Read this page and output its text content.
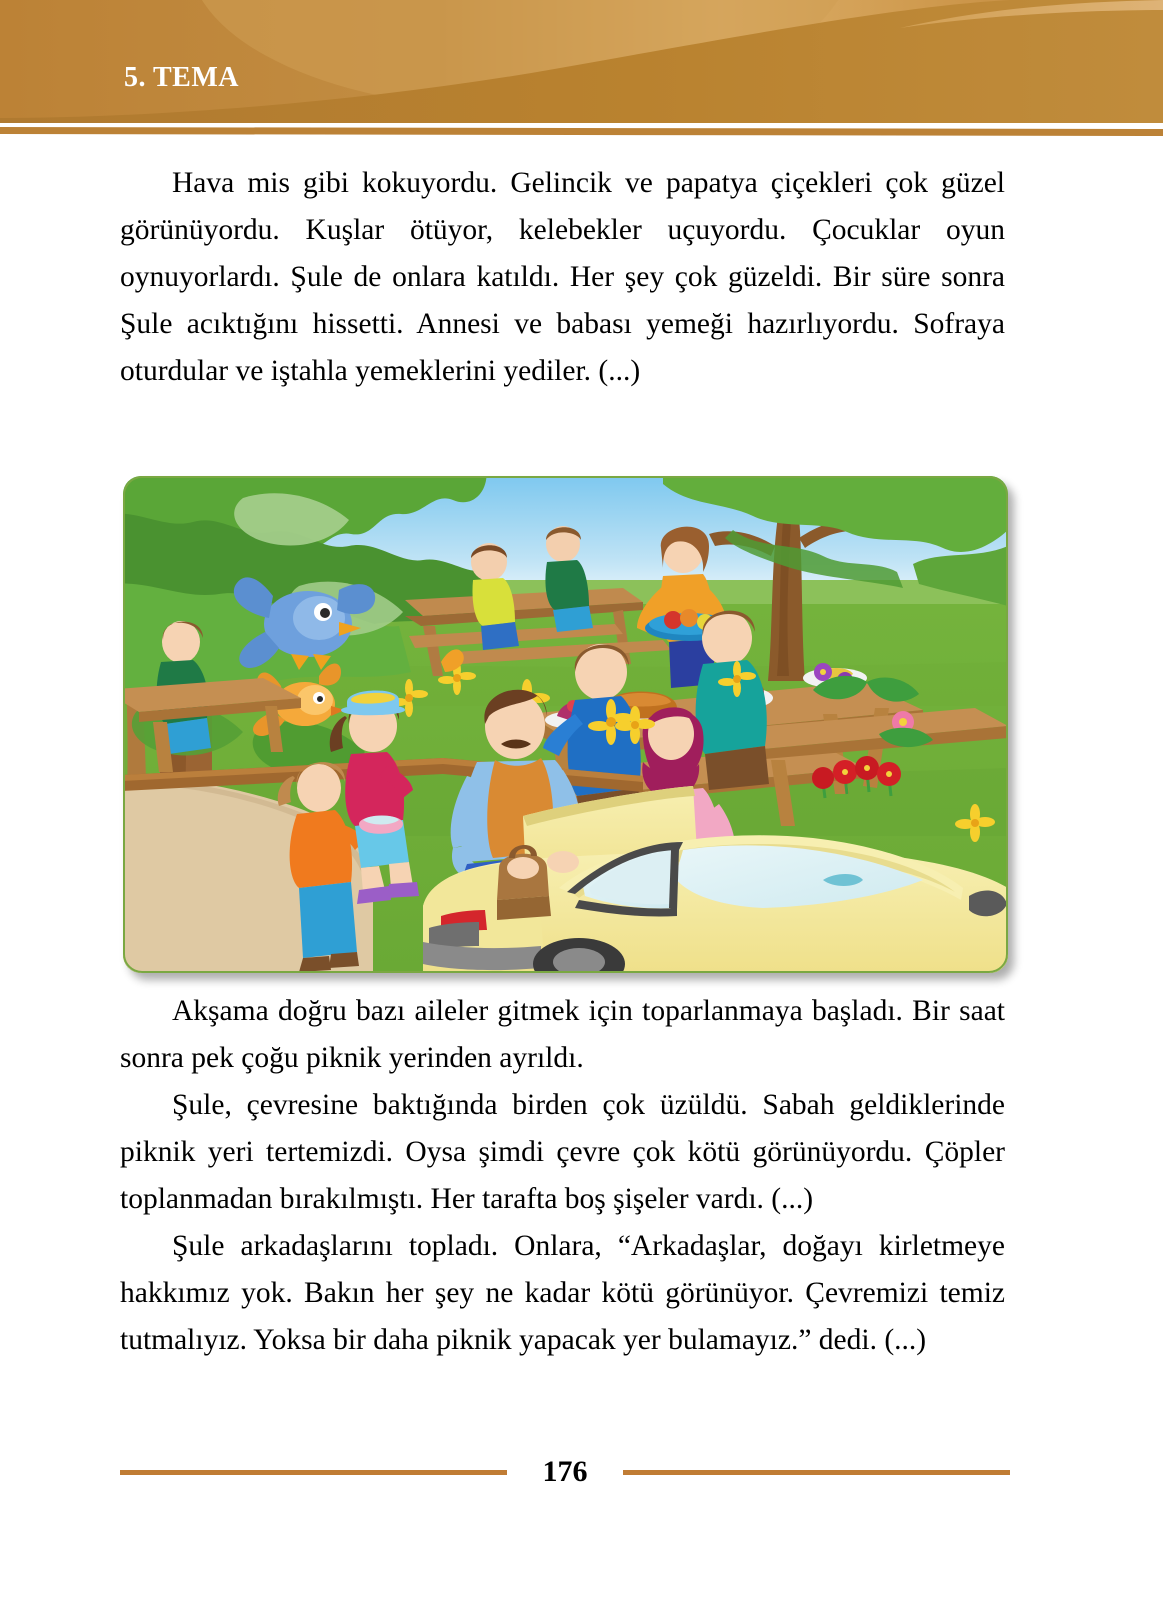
5. TEMA

Hava mis gibi kokuyordu. Gelincik ve papatya çiçekleri çok güzel görünüyordu. Kuşlar ötüyor, kelebekler uçuyordu. Çocuklar oyun oynuyorlardı. Şule de onlara katıldı. Her şey çok güzeldi. Bir süre sonra Şule acıktığını hissetti. Annesi ve babası yemeği hazırlıyordu. Sofraya oturdular ve iştahla yemeklerini yediler. (...)

Akşama doğru bazı aileler gitmek için toparlanmaya başladı. Bir saat sonra pek çoğu piknik yerinden ayrıldı.

Şule, çevresine baktığında birden çok üzüldü. Sabah geldiklerinde piknik yeri tertemizdi. Oysa şimdi çevre çok kötü görünüyordu. Çöpler toplanmadan bırakılmıştı. Her tarafta boş şişeler vardı. (...)

Şule arkadaşlarını topladı. Onlara, “Arkadaşlar, doğayı kirletmeye hakkımız yok. Bakın her şey ne kadar kötü görünüyor. Çevremizi temiz tutmalıyız. Yoksa bir daha piknik yapacak yer bulamayız.” dedi. (...)

176
